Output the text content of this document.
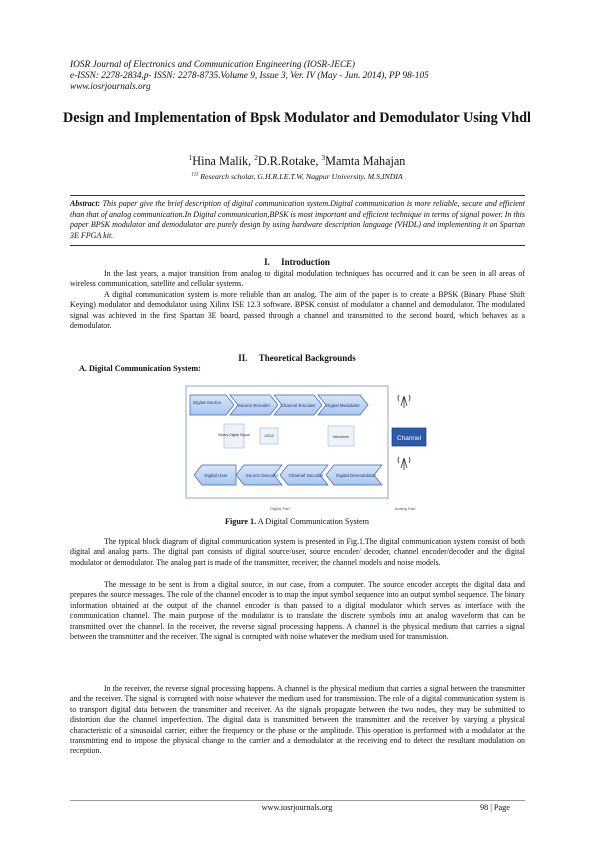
IOSR Journal of Electronics and Communication Engineering (IOSR-JECE)
e-ISSN: 2278-2834,p- ISSN: 2278-8735.Volume 9, Issue 3, Ver. IV (May - Jun. 2014), PP 98-105
www.iosrjournals.org
Design and Implementation of Bpsk Modulator and Demodulator Using Vhdl
$^1$Hina Malik, $^2$D.R.Rotake, $^3$Mamta Mahajan
$^{123}$ Research scholar, G.H.R.I.E.T.W, Nagpur University, M.S,INDIA
Abstract: This paper give the brief description of digital communication system.Digital communication is more reliable, secure and efficient than that of analog communication.In Digital communication,BPSK is most important and efficient technique in terms of signal power. In this paper BPSK modulator and demodulator are purely design by using hardware description language (VHDL) and implementing it on Spartan 3E FPGA kit.
I. Introduction
In the last years, a major transition from analog to digital modulation techniques has occurred and it can be seen in all areas of wireless communication, satellite and cellular systems.
A digital communication system is more reliable than an analog. The aim of the paper is to create a BPSK (Binary Phase Shift Keying) modulator and demodulator using Xilinx ISE 12.3 software. BPSK consist of modulator a channel and demodulator. The modulated signal was achieved in the first Spartan 3E board, passed through a channel and transmitted to the second board, which behaves as a demodulator.
II. Theoretical Backgrounds
A. Digital Communication System:
Digital Source
Source Encoder Channel Encoder Digital Modulator
Binary Digital Signal	10010	Waveform
Digital User	Source Decoder Channel Decoder	Digital Demodulator
Channel
Digital Part	Analog Part
Figure 1. A Digital Communication System
The typical block diagram of digital communication system is presented in Fig.1.The digital communication system consist of both digital and analog parts. The digital part consists of digital source/user, source encoder/ decoder, channel encoder/decoder and the digital modulator or demodulator. The analog part is made of the transmitter, receiver, the channel models and noise models.
The message to be sent is from a digital source, in our case, from a computer. The source encoder accepts the digital data and prepares the source messages. The role of the channel encoder is to map the input symbol sequence into an output symbol sequence. The binary information obtained at the output of the channel encoder is than passed to a digital modulator which serves as interface with the communication channel. The main purpose of the modulator is to translate the discrete symbols into an analog waveform that can be transmitted over the channel. In the receiver, the reverse signal processing happens. A channel is the physical medium that carries a signal between the transmitter and the receiver. The signal is corrupted with noise whatever the medium used for transmission.
In the receiver, the reverse signal processing happens. A channel is the physical medium that carries a signal between the transmitter and the receiver. The signal is corrupted with noise whatever the medium used for transmission. The role of a digital communication system is to transport digital data between the transmitter and receiver. As the signals propagate between the two nodes, they may be submitted to distortion due the channel imperfection. The digital data is transmitted between the transmitter and the receiver by varying a physical characteristic of a sinusoidal carrier, either the frequency or the phase or the amplitude. This operation is performed with a modulator at the transmitting end to impose the physical change to the carrier and a demodulator at the receiving end to detect the resultant modulation on reception.
www.iosrjournals.org	98 | Page
